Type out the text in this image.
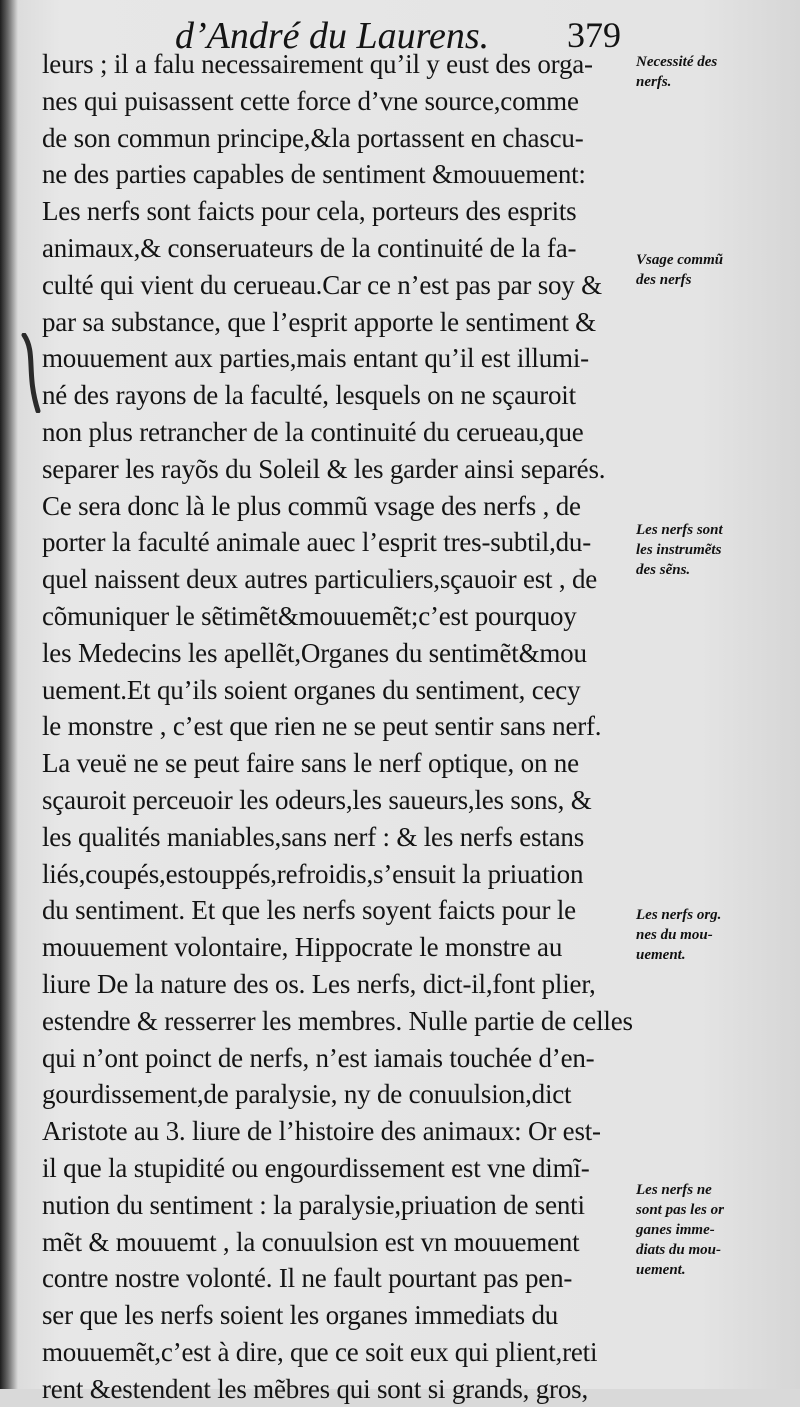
d’André du Laurens. 379
leurs ; il a falu necessairement qu’il y eust des orga-
nes qui puisassent cette force d’vne source,comme
de son commun principe,&la portassent en chascu-
ne des parties capables de sentiment &mouuement:
Les nerfs sont faicts pour cela, porteurs des esprits
animaux,& conseruateurs de la continuité de la fa-
culté qui vient du cerueau.Car ce n’est pas par soy &
par sa substance, que l’esprit apporte le sentiment &
mouuement aux parties,mais entant qu’il est illumi-
né des rayons de la faculté, lesquels on ne sçauroit
non plus retrancher de la continuité du cerueau,que
separer les rayõs du Soleil & les garder ainsi separés.
Ce sera donc là le plus commũ vsage des nerfs , de
porter la faculté animale auec l’esprit tres-subtil,du-
quel naissent deux autres particuliers,sçauoir est , de
cõmuniquer le sẽtimẽt&mouuemẽt;c’est pourquoy
les Medecins les apellẽt,Organes du sentimẽt&mou
uement.Et qu’ils soient organes du sentiment, cecy
le monstre , c’est que rien ne se peut sentir sans nerf.
La veuë ne se peut faire sans le nerf optique, on ne
sçauroit perceuoir les odeurs,les saueurs,les sons, &
les qualités maniables,sans nerf : & les nerfs estans
liés,coupés,estouppés,refroidis,s’ensuit la priuation
du sentiment. Et que les nerfs soyent faicts pour le
mouuement volontaire, Hippocrate le monstre au
liure De la nature des os. Les nerfs, dict-il,font plier,
estendre & resserrer les membres. Nulle partie de celles
qui n’ont poinct de nerfs, n’est iamais touchée d’en-
gourdissement,de paralysie, ny de conuulsion,dict
Aristote au 3. liure de l’histoire des animaux: Or est-
il que la stupidité ou engourdissement est vne dimĩ-
nution du sentiment : la paralysie,priuation de senti
mẽt & mouuemt , la conuulsion est vn mouuement
contre nostre volonté. Il ne fault pourtant pas pen-
ser que les nerfs soient les organes immediats du
mouuemẽt,c’est à dire, que ce soit eux qui plient,reti
rent &estendent les mẽbres qui sont si grands, gros,
Necessité des
nerfs.
Vsage commũ
des nerfs
Les nerfs sont
les instrumẽts
des sẽns.
Les nerfs org.
nes du mou-
uement.
Les nerfs ne
sont pas les or
ganes imme-
diats du mou-
uement.
